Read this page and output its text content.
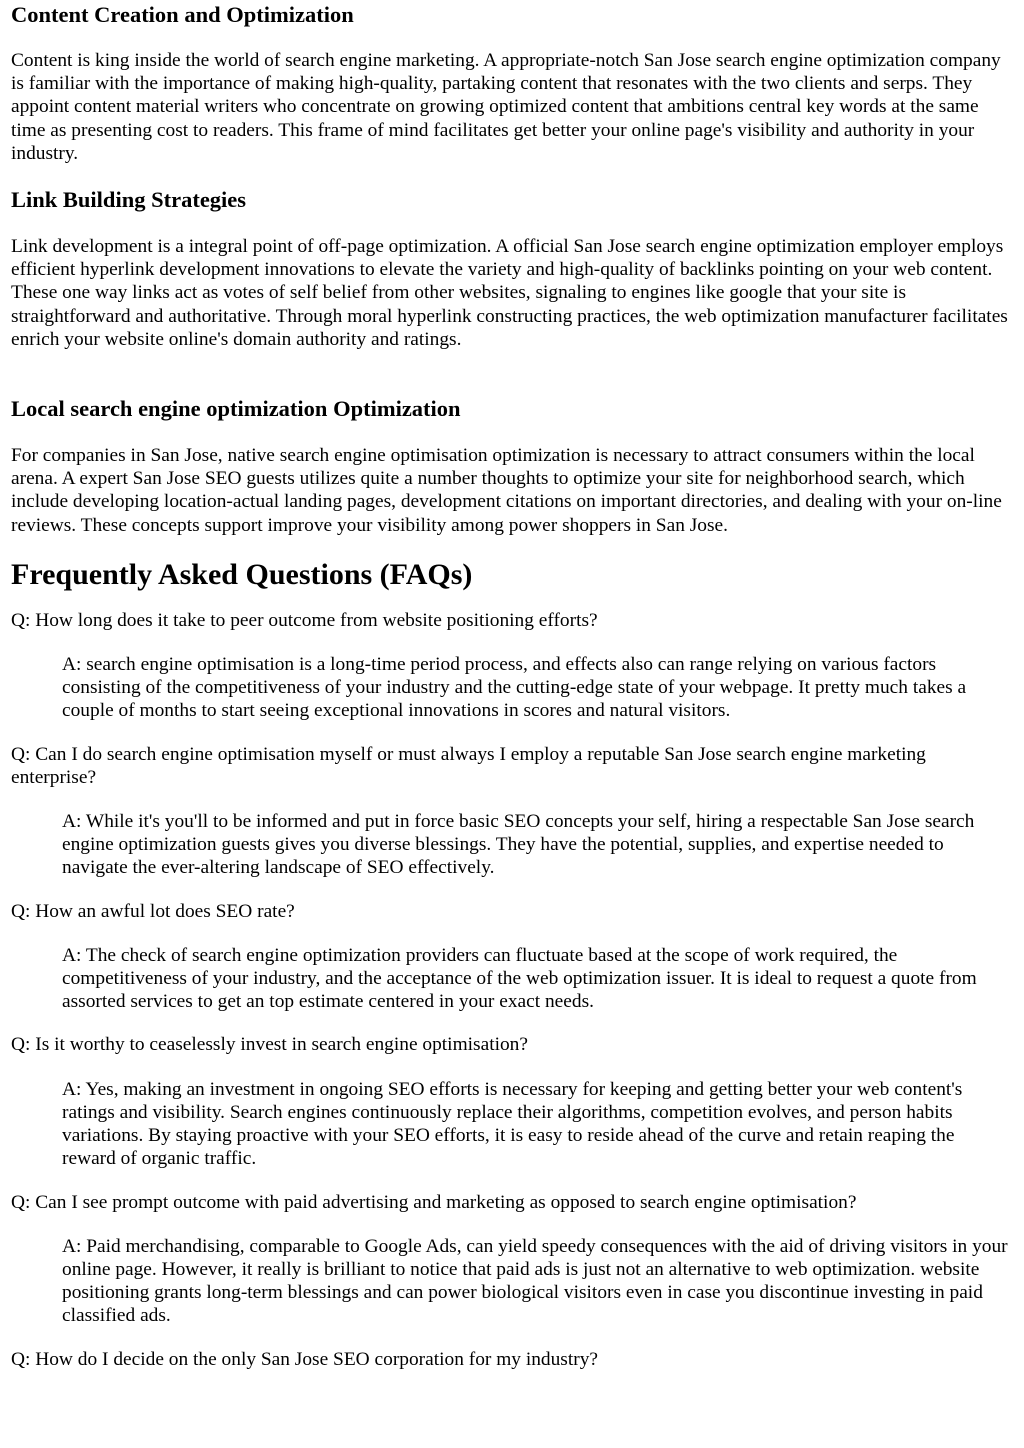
Content Creation and Optimization

Content is king inside the world of search engine marketing. A appropriate-notch San Jose search engine optimization company is familiar with the importance of making high-quality, partaking content that resonates with the two clients and serps. They appoint content material writers who concentrate on growing optimized content that ambitions central key words at the same time as presenting cost to readers. This frame of mind facilitates get better your online page's visibility and authority in your industry.

Link Building Strategies

Link development is a integral point of off-page optimization. A official San Jose search engine optimization employer employs efficient hyperlink development innovations to elevate the variety and high-quality of backlinks pointing on your web content. These one way links act as votes of self belief from other websites, signaling to engines like google that your site is straightforward and authoritative. Through moral hyperlink constructing practices, the web optimization manufacturer facilitates enrich your website online's domain authority and ratings.

Local search engine optimization Optimization

For companies in San Jose, native search engine optimisation optimization is necessary to attract consumers within the local arena. A expert San Jose SEO guests utilizes quite a number thoughts to optimize your site for neighborhood search, which include developing location-actual landing pages, development citations on important directories, and dealing with your on-line reviews. These concepts support improve your visibility among power shoppers in San Jose.

Frequently Asked Questions (FAQs)

Q: How long does it take to peer outcome from website positioning efforts?

A: search engine optimisation is a long-time period process, and effects also can range relying on various factors consisting of the competitiveness of your industry and the cutting-edge state of your webpage. It pretty much takes a couple of months to start seeing exceptional innovations in scores and natural visitors.

Q: Can I do search engine optimisation myself or must always I employ a reputable San Jose search engine marketing enterprise?

A: While it's you'll to be informed and put in force basic SEO concepts your self, hiring a respectable San Jose search engine optimization guests gives you diverse blessings. They have the potential, supplies, and expertise needed to navigate the ever-altering landscape of SEO effectively.

Q: How an awful lot does SEO rate?

A: The check of search engine optimization providers can fluctuate based at the scope of work required, the competitiveness of your industry, and the acceptance of the web optimization issuer. It is ideal to request a quote from assorted services to get an top estimate centered in your exact needs.

Q: Is it worthy to ceaselessly invest in search engine optimisation?

A: Yes, making an investment in ongoing SEO efforts is necessary for keeping and getting better your web content's ratings and visibility. Search engines continuously replace their algorithms, competition evolves, and person habits variations. By staying proactive with your SEO efforts, it is easy to reside ahead of the curve and retain reaping the reward of organic traffic.

Q: Can I see prompt outcome with paid advertising and marketing as opposed to search engine optimisation?

A: Paid merchandising, comparable to Google Ads, can yield speedy consequences with the aid of driving visitors in your online page. However, it really is brilliant to notice that paid ads is just not an alternative to web optimization. website positioning grants long-term blessings and can power biological visitors even in case you discontinue investing in paid classified ads.

Q: How do I decide on the only San Jose SEO corporation for my industry?
